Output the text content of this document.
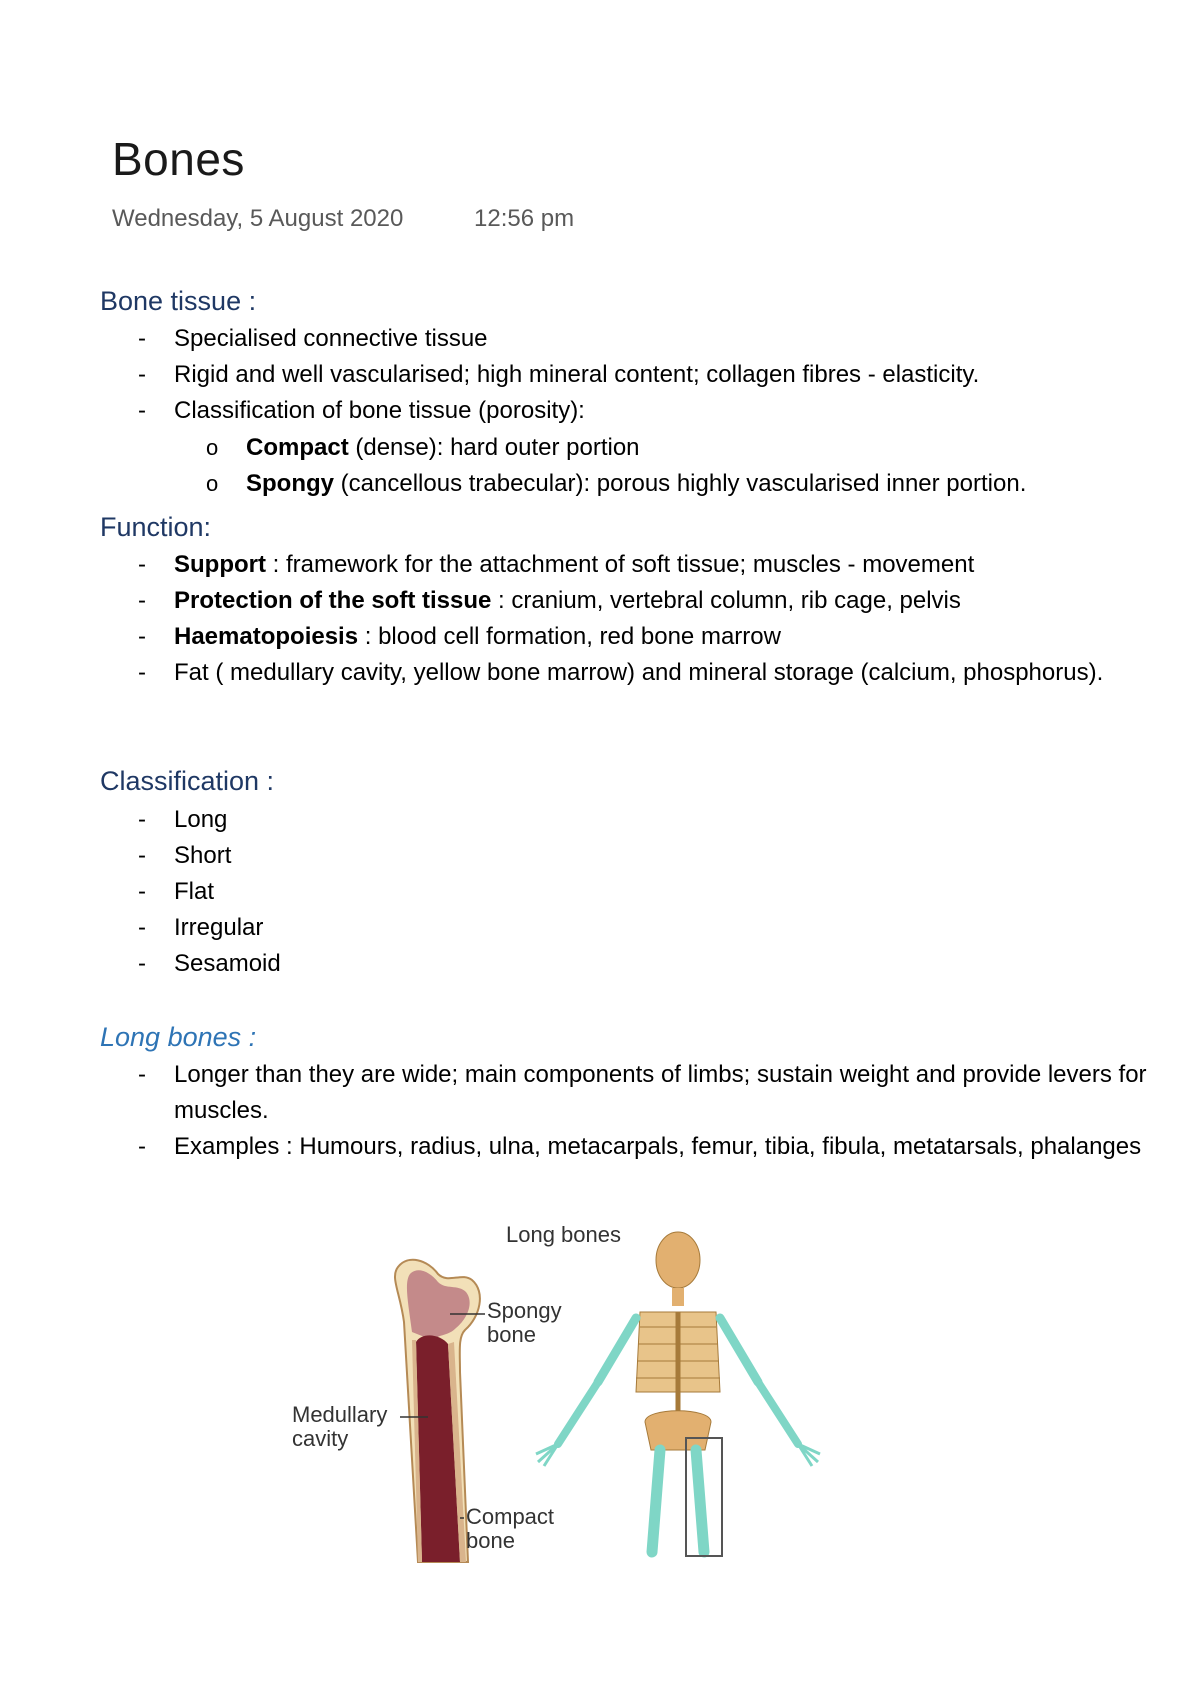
Bones
Wednesday, 5 August 2020	12:56 pm
Bone tissue :
- Specialised connective tissue
- Rigid and well vascularised; high mineral content; collagen fibres - elasticity.
- Classification of bone tissue (porosity):
o Compact (dense): hard outer portion
o Spongy (cancellous trabecular): porous highly vascularised inner portion.
Function:
- Support : framework for the attachment of soft tissue; muscles - movement
- Protection of the soft tissue : cranium, vertebral column, rib cage, pelvis
- Haematopoiesis : blood cell formation, red bone marrow
- Fat ( medullary cavity, yellow bone marrow) and mineral storage (calcium, phosphorus).
Classification :
- Long
- Short
- Flat
- Irregular
- Sesamoid
Long bones :
- Longer than they are wide; main components of limbs; sustain weight and provide levers for muscles.
- Examples : Humours, radius, ulna, metacarpals, femur, tibia, fibula, metatarsals, phalanges
Spongy
bone
Medullary
cavity
Compact
bone
Long bones
